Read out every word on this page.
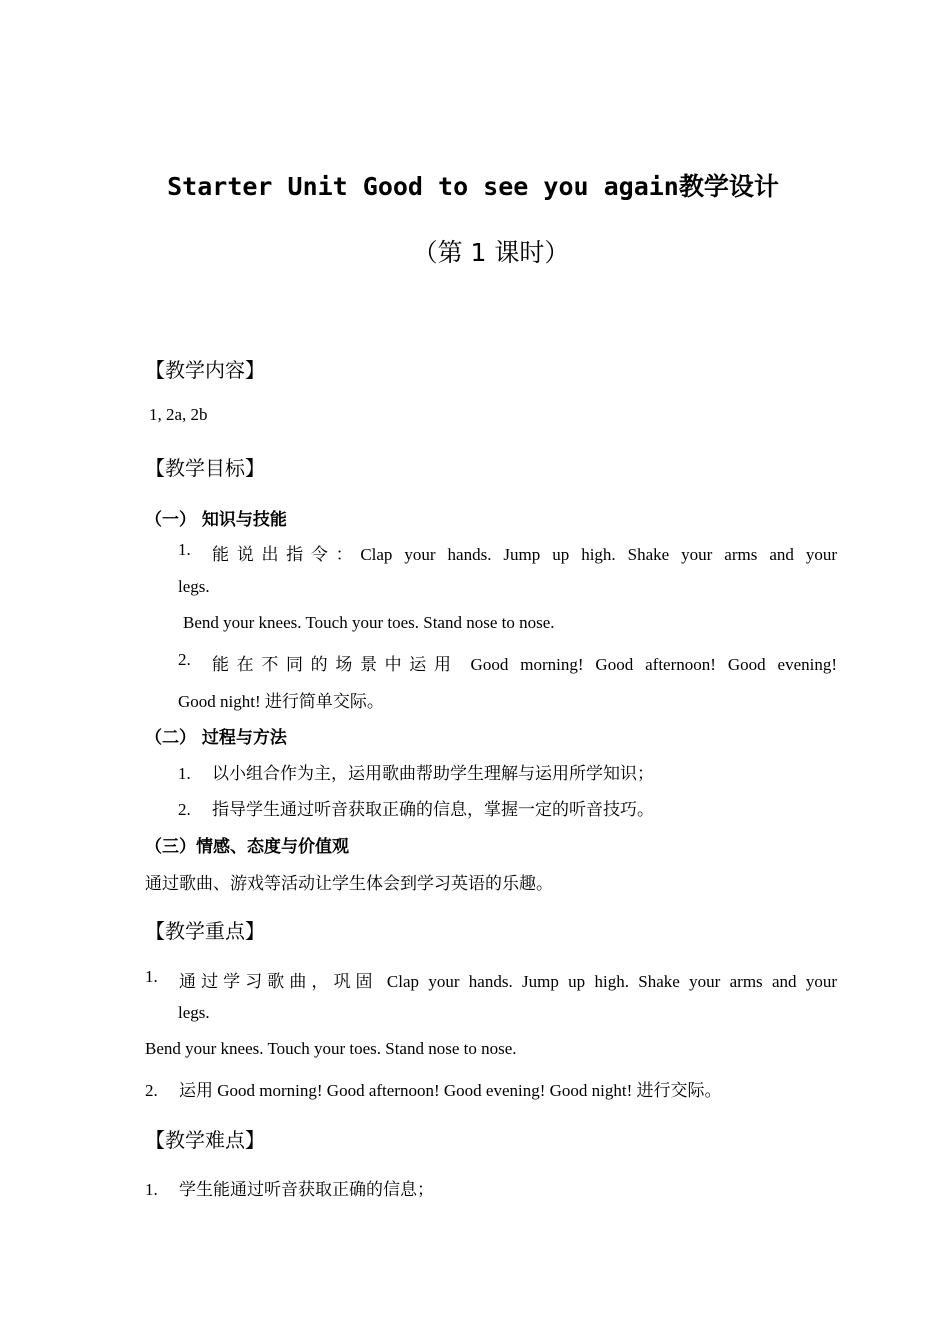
Starter Unit Good to see you again教学设计
（第 1 课时）
【教学内容】
1, 2a, 2b
【教学目标】
（一） 知识与技能
1. 能说出指令：Clap your hands. Jump up high. Shake your arms and your
legs.
Bend your knees. Touch your toes. Stand nose to nose.
2. 能在不同的场景中运用 Good morning! Good afternoon! Good evening!
Good night! 进行简单交际。
（二） 过程与方法
1. 以小组合作为主，运用歌曲帮助学生理解与运用所学知识；
2. 指导学生通过听音获取正确的信息，掌握一定的听音技巧。
（三）情感、态度与价值观
通过歌曲、游戏等活动让学生体会到学习英语的乐趣。
【教学重点】
1. 通过学习歌曲，巩固 Clap your hands. Jump up high. Shake your arms and your
legs.
Bend your knees. Touch your toes. Stand nose to nose.
2. 运用 Good morning! Good afternoon! Good evening! Good night! 进行交际。
【教学难点】
1. 学生能通过听音获取正确的信息；
